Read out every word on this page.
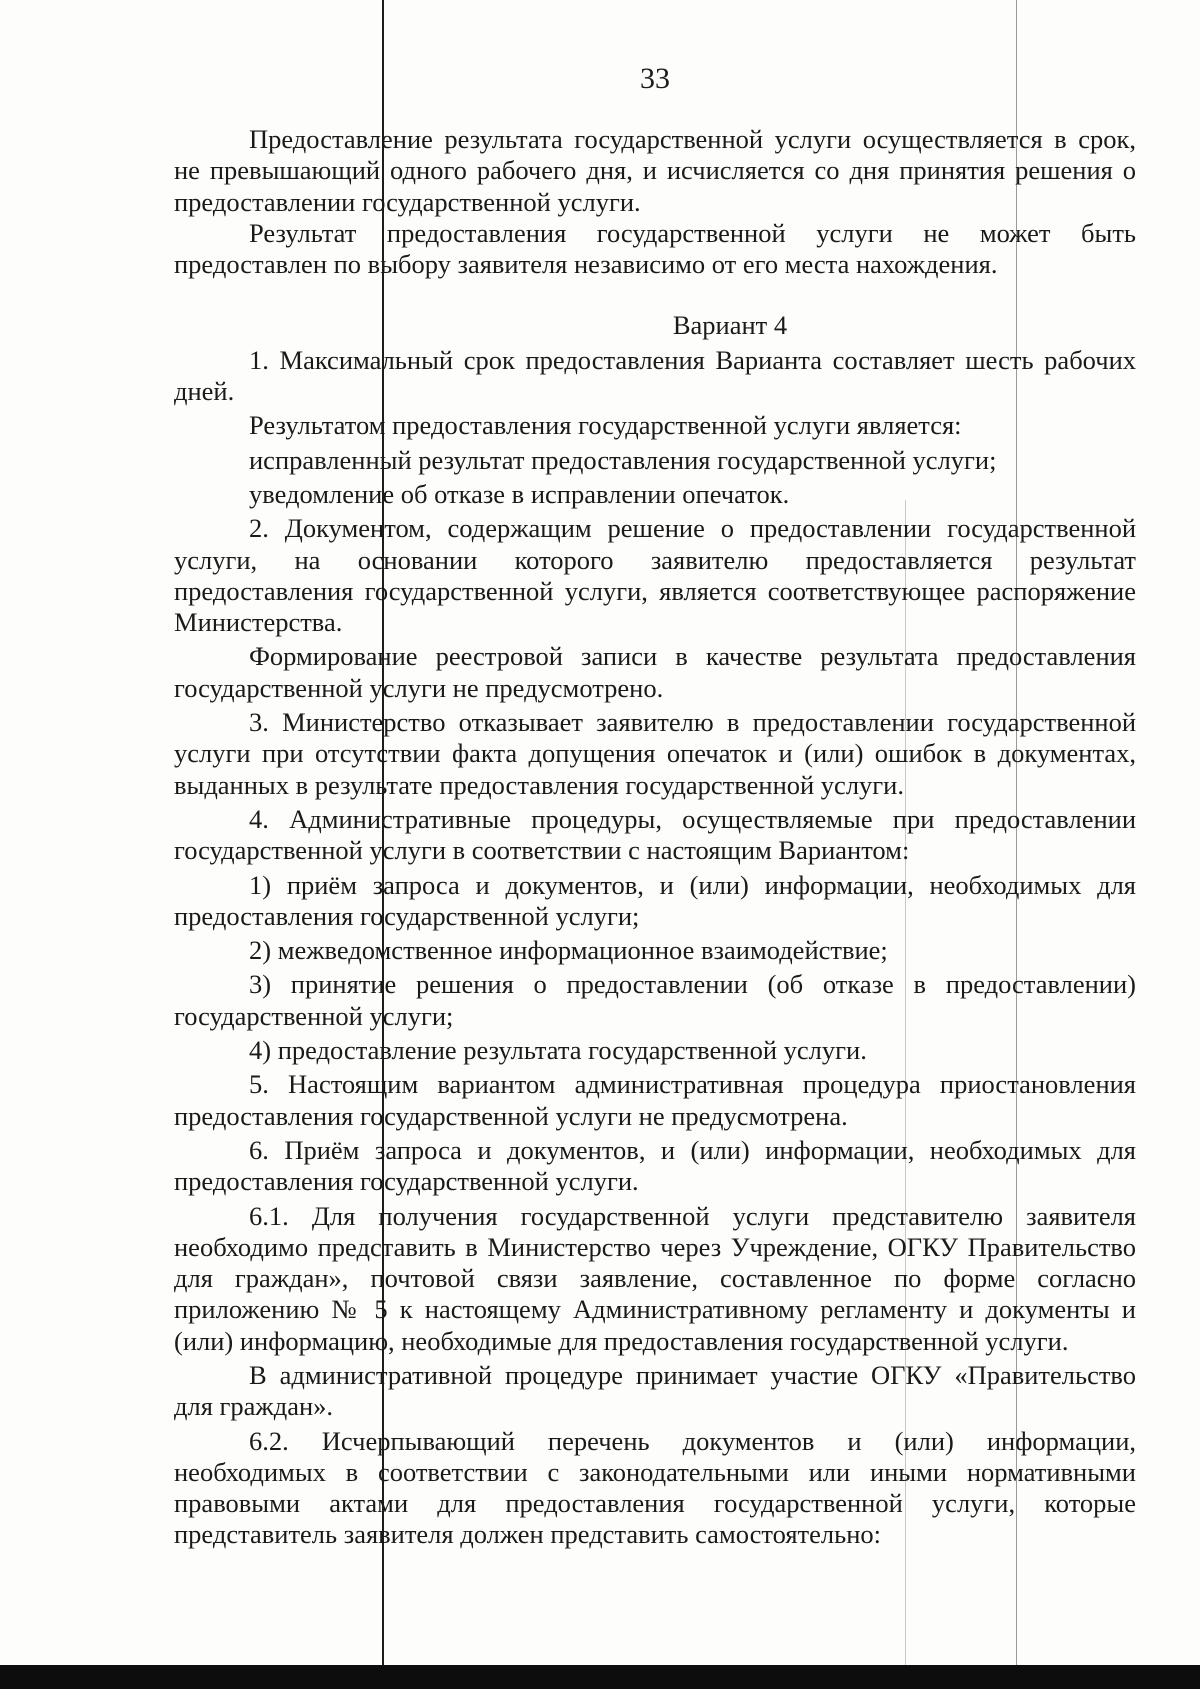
33

Предоставление результата государственной услуги осуществляется в срок, не превышающий одного рабочего дня, и исчисляется со дня принятия решения о предоставлении государственной услуги.

Результат предоставления государственной услуги не может быть предоставлен по выбору заявителя независимо от его места нахождения.

Вариант 4

1. Максимальный срок предоставления Варианта составляет шесть рабочих дней.

Результатом предоставления государственной услуги является:

исправленный результат предоставления государственной услуги;

уведомление об отказе в исправлении опечаток.

2. Документом, содержащим решение о предоставлении государственной услуги, на основании которого заявителю предоставляется результат предоставления государственной услуги, является соответствующее распоряжение Министерства.

Формирование реестровой записи в качестве результата предоставления государственной услуги не предусмотрено.

3. Министерство отказывает заявителю в предоставлении государственной услуги при отсутствии факта допущения опечаток и (или) ошибок в документах, выданных в результате предоставления государственной услуги.

4. Административные процедуры, осуществляемые при предоставлении государственной услуги в соответствии с настоящим Вариантом:

1) приём запроса и документов, и (или) информации, необходимых для предоставления государственной услуги;

2) межведомственное информационное взаимодействие;

3) принятие решения о предоставлении (об отказе в предоставлении) государственной услуги;

4) предоставление результата государственной услуги.

5. Настоящим вариантом административная процедура приостановления предоставления государственной услуги не предусмотрена.

6. Приём запроса и документов, и (или) информации, необходимых для предоставления государственной услуги.

6.1. Для получения государственной услуги представителю заявителя необходимо представить в Министерство через Учреждение, ОГКУ Правительство для граждан», почтовой связи заявление, составленное по форме согласно приложению № 5 к настоящему Административному регламенту и документы и (или) информацию, необходимые для предоставления государственной услуги.

В административной процедуре принимает участие ОГКУ «Правительство для граждан».

6.2. Исчерпывающий перечень документов и (или) информации, необходимых в соответствии с законодательными или иными нормативными правовыми актами для предоставления государственной услуги, которые представитель заявителя должен представить самостоятельно:
